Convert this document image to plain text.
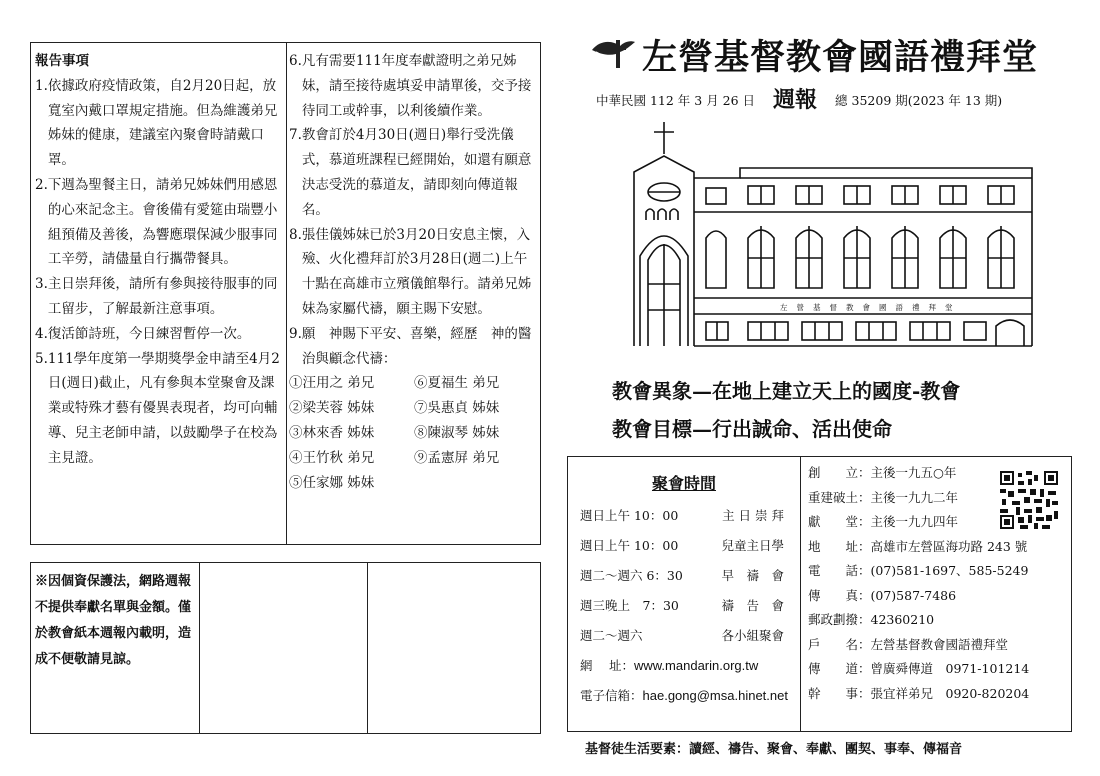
報告事項
1. 依據政府疫情政策，自2月20日起，放寬室內戴口罩規定措施。但為維護弟兄姊妹的健康，建議室內聚會時請戴口罩。
2. 下週為聖餐主日，請弟兄姊妹們用感恩的心來記念主。會後備有愛筵由瑞豐小組預備及善後，為響應環保減少服事同工辛勞，請儘量自行攜帶餐具。
3. 主日崇拜後，請所有參與接待服事的同工留步，了解最新注意事項。
4. 復活節詩班，今日練習暫停一次。
5. 111學年度第一學期獎學金申請至4月2日(週日)截止，凡有參與本堂聚會及課業或特殊才藝有優異表現者，均可向輔導、兒主老師申請，以鼓勵學子在校為主見證。
6. 凡有需要111年度奉獻證明之弟兄姊妹，請至接待處填妥申請單後，交予接待同工或幹事，以利後續作業。
7. 教會訂於4月30日(週日)舉行受洗儀式，慕道班課程已經開始，如還有願意決志受洗的慕道友，請即刻向傳道報名。
8. 張佳儀姊妹已於3月20日安息主懷，入殮、火化禮拜訂於3月28日(週二)上午十點在高雄市立殯儀館舉行。請弟兄姊妹為家屬代禱，願主賜下安慰。
9. 願　神賜下平安、喜樂，經歷　神的醫治與顧念代禱：
①汪用之 弟兄	⑥夏福生 弟兄
②梁芙蓉 姊妹	⑦吳惠貞 姊妹
③林來香 姊妹	⑧陳淑琴 姊妹
④王竹秋 弟兄	⑨孟憲屏 弟兄
⑤任家娜 姊妹
※因個資保護法，網路週報不提供奉獻名單與金額。僅於教會紙本週報內載明，造成不便敬請見諒。
左營基督教會國語禮拜堂
中華民國 112 年 3 月 26 日 週報 總 35209 期(2023 年 13 期)
左營基督教會國語禮拜堂
教會異象—在地上建立天上的國度-教會
教會目標—行出誠命、活出使命
聚會時間
週日上午 10：00	主 日 崇 拜
週日上午 10：00	兒童主日學
週二～週六 6：30	早　禱　會
週三晚上　7：30	禱　告　會
週二～週六	各小組聚會
網　 址： www.mandarin.org.tw
電子信箱： hae.gong@msa.hinet.net
創　　立：主後一九五○年
重建破土：主後一九九二年
獻　　堂：主後一九九四年
地　　址：高雄市左營區海功路 243 號
電　　話：(07)581-1697、585-5249
傳　　真：(07)587-7486
郵政劃撥：42360210
戶　　名：左營基督教會國語禮拜堂
傳　　道：曾廣舜傳道　0971-101214
幹　　事：張宜祥弟兄　0920-820204
基督徒生活要素：讀經、禱告、聚會、奉獻、團契、事奉、傳福音
